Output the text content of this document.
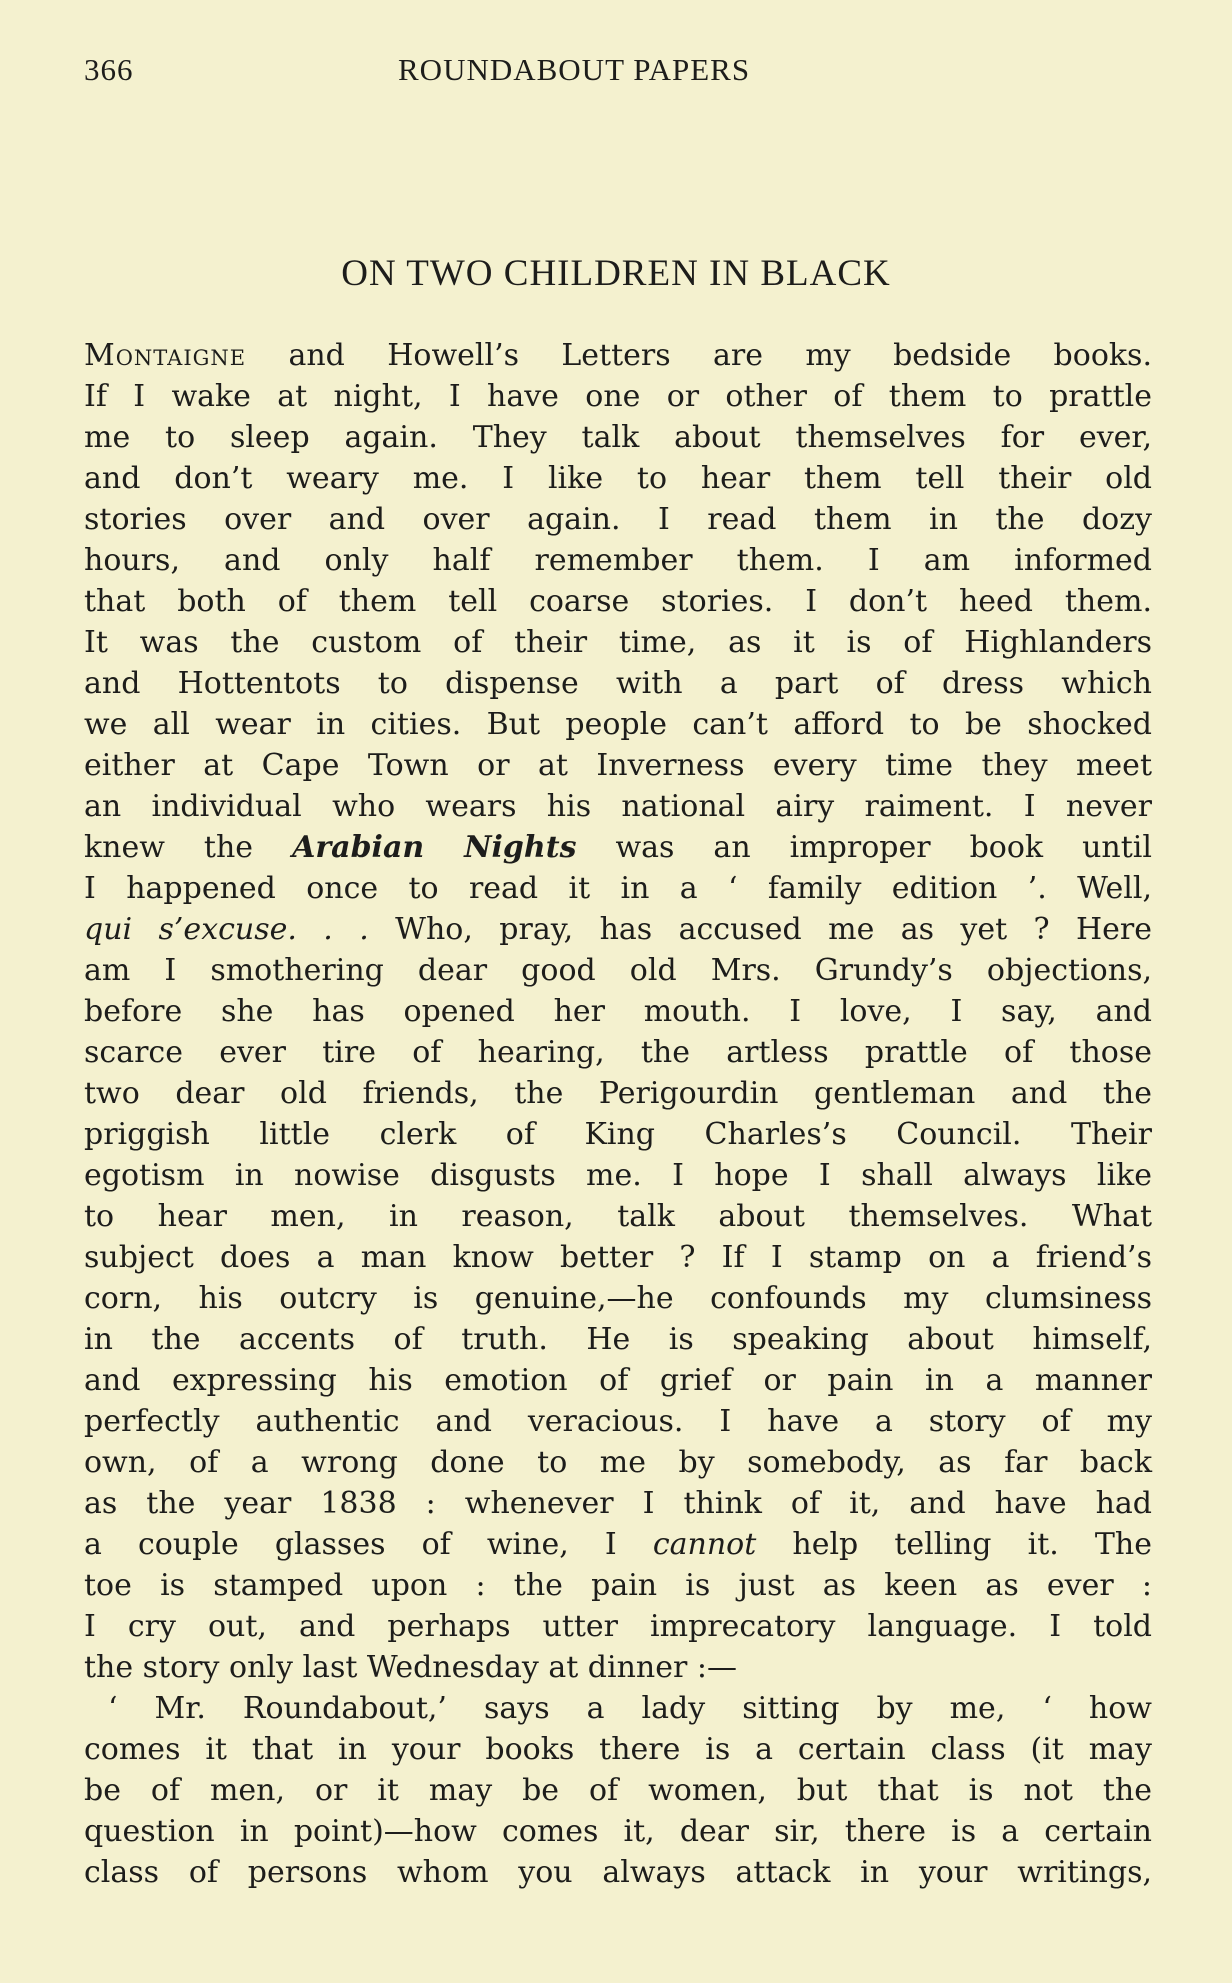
366	ROUNDABOUT PAPERS
ON TWO CHILDREN IN BLACK
Montaigne and Howell’s Letters are my bedside books.
If I wake at night, I have one or other of them to prattle
me to sleep again. They talk about themselves for ever,
and don’t weary me. I like to hear them tell their old
stories over and over again. I read them in the dozy
hours, and only half remember them. I am informed
that both of them tell coarse stories. I don’t heed them.
It was the custom of their time, as it is of Highlanders
and Hottentots to dispense with a part of dress which
we all wear in cities. But people can’t afford to be shocked
either at Cape Town or at Inverness every time they meet
an individual who wears his national airy raiment. I never
knew the Arabian Nights was an improper book until
I happened once to read it in a ‘ family edition ’. Well,
qui s’excuse. . . Who, pray, has accused me as yet ? Here
am I smothering dear good old Mrs. Grundy’s objections,
before she has opened her mouth. I love, I say, and
scarce ever tire of hearing, the artless prattle of those
two dear old friends, the Perigourdin gentleman and the
priggish little clerk of King Charles’s Council. Their
egotism in nowise disgusts me. I hope I shall always like
to hear men, in reason, talk about themselves. What
subject does a man know better ? If I stamp on a friend’s
corn, his outcry is genuine,—he confounds my clumsiness
in the accents of truth. He is speaking about himself,
and expressing his emotion of grief or pain in a manner
perfectly authentic and veracious. I have a story of my
own, of a wrong done to me by somebody, as far back
as the year 1838 : whenever I think of it, and have had
a couple glasses of wine, I cannot help telling it. The
toe is stamped upon : the pain is just as keen as ever :
I cry out, and perhaps utter imprecatory language. I told
the story only last Wednesday at dinner :—
‘ Mr. Roundabout,’ says a lady sitting by me, ‘ how
comes it that in your books there is a certain class (it may
be of men, or it may be of women, but that is not the
question in point)—how comes it, dear sir, there is a certain
class of persons whom you always attack in your writings,
